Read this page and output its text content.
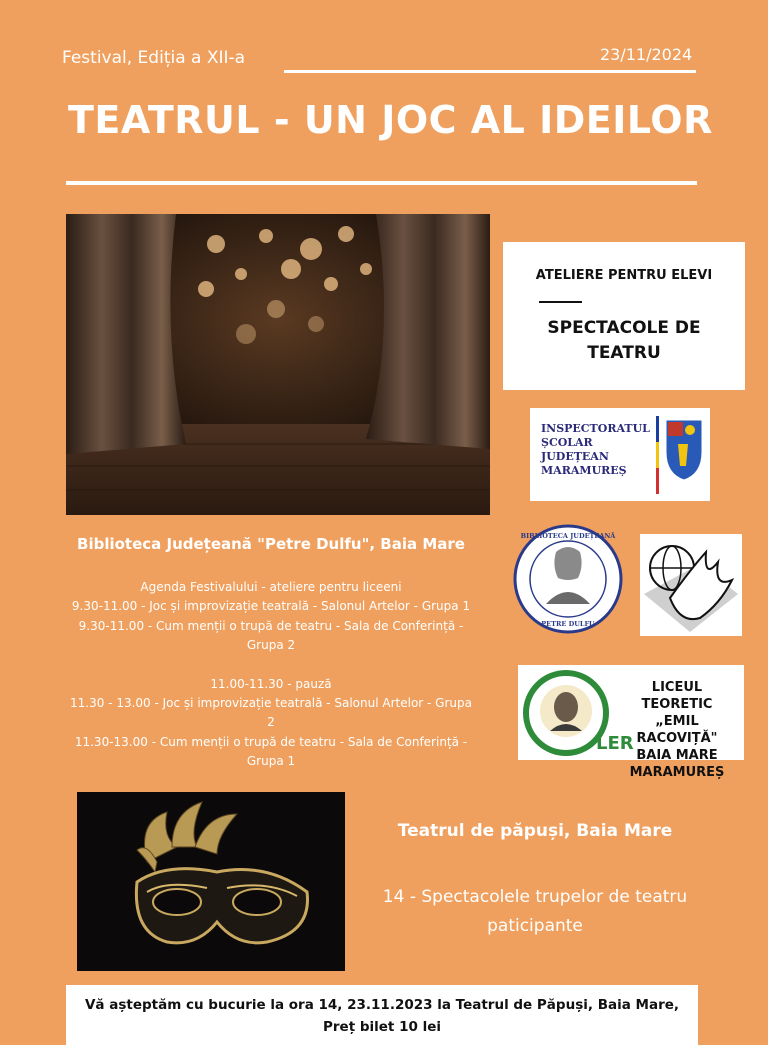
Festival, Ediția a XII-a	23/11/2024
TEATRUL - UN JOC AL IDEILOR
ATELIERE PENTRU ELEVI
SPECTACOLE DE TEATRU
INSPECTORATUL
ȘCOLAR
JUDEȚEAN
MARAMUREȘ
BIBLIOTECA JUDEȚEANĂ
PETRE DULFU
LER
LICEUL TEORETIC
„EMIL RACOVIȚĂ"
BAIA MARE
MARAMUREȘ
Biblioteca Județeană "Petre Dulfu", Baia Mare
Agenda Festivalului - ateliere pentru liceeni
9.30-11.00 - Joc și improvizație teatrală - Salonul Artelor - Grupa 1
9.30-11.00 - Cum menții o trupă de teatru - Sala de Conferință - Grupa 2
11.00-11.30 - pauză
11.30 - 13.00 - Joc și improvizație teatrală - Salonul Artelor - Grupa 2
11.30-13.00 - Cum menții o trupă de teatru - Sala de Conferință - Grupa 1
Teatrul de păpuși, Baia Mare
14 - Spectacolele trupelor de teatru paticipante
Vă așteptăm cu bucurie la ora 14, 23.11.2023 la Teatrul de Păpuși, Baia Mare,
Preț bilet 10 lei
